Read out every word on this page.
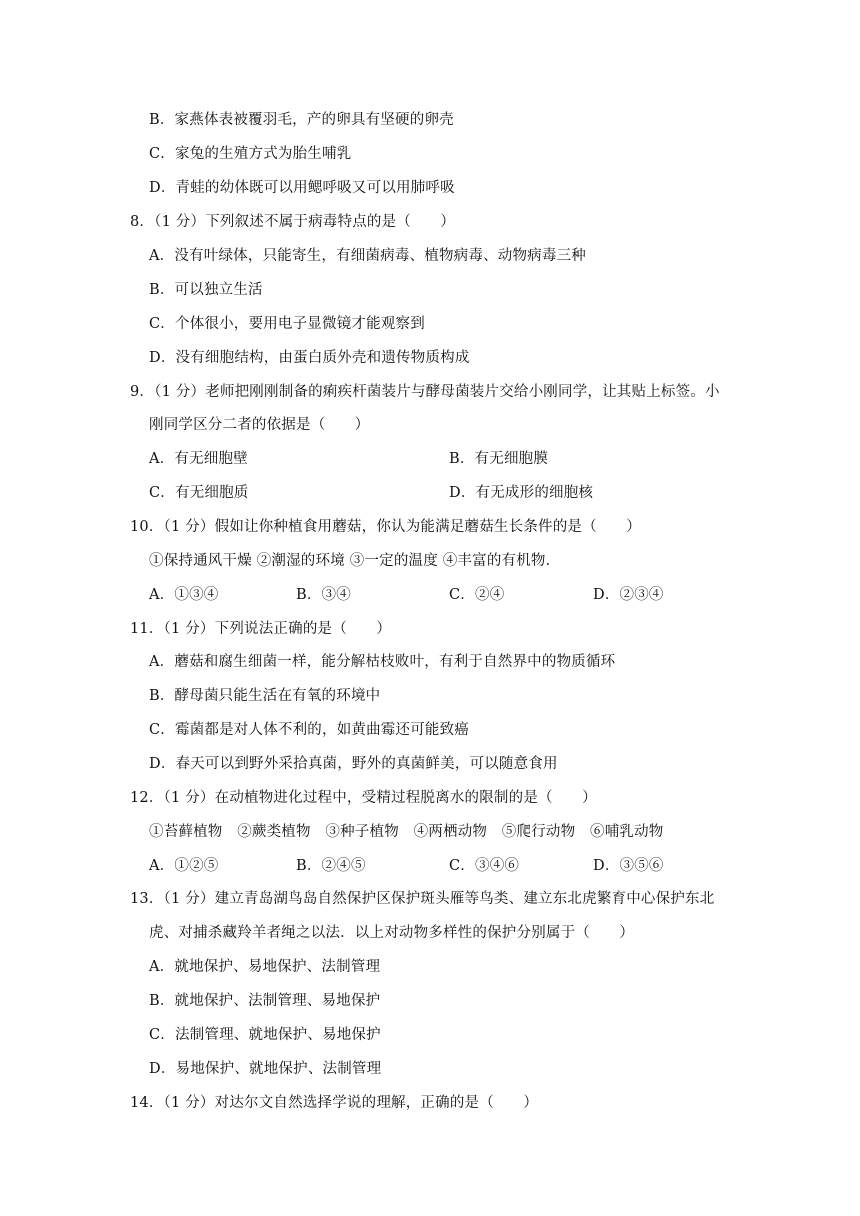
B．家燕体表被覆羽毛，产的卵具有坚硬的卵壳
C．家兔的生殖方式为胎生哺乳
D．青蛙的幼体既可以用鳃呼吸又可以用肺呼吸
8．（1 分）下列叙述不属于病毒特点的是（　　）
A．没有叶绿体，只能寄生，有细菌病毒、植物病毒、动物病毒三种
B．可以独立生活
C．个体很小，要用电子显微镜才能观察到
D．没有细胞结构，由蛋白质外壳和遗传物质构成
9．（1 分）老师把刚刚制备的痢疾杆菌装片与酵母菌装片交给小刚同学，让其贴上标签。小
刚同学区分二者的依据是（　　）
A．有无细胞壁	B．有无细胞膜
C．有无细胞质	D．有无成形的细胞核
10．（1 分）假如让你种植食用蘑菇，你认为能满足蘑菇生长条件的是（　　）
①保持通风干燥 ②潮湿的环境 ③一定的温度 ④丰富的有机物．
A．①③④	B．③④	C．②④	D．②③④
11．（1 分）下列说法正确的是（　　）
A．蘑菇和腐生细菌一样，能分解枯枝败叶，有利于自然界中的物质循环
B．酵母菌只能生活在有氧的环境中
C．霉菌都是对人体不利的，如黄曲霉还可能致癌
D．春天可以到野外采拾真菌，野外的真菌鲜美，可以随意食用
12．（1 分）在动植物进化过程中，受精过程脱离水的限制的是（　　）
①苔藓植物　②蕨类植物　③种子植物　④两栖动物　⑤爬行动物　⑥哺乳动物
A．①②⑤	B．②④⑤	C．③④⑥	D．③⑤⑥
13．（1 分）建立青岛湖鸟岛自然保护区保护斑头雁等鸟类、建立东北虎繁育中心保护东北
虎、对捕杀藏羚羊者绳之以法．以上对动物多样性的保护分别属于（　　）
A．就地保护、易地保护、法制管理
B．就地保护、法制管理、易地保护
C．法制管理、就地保护、易地保护
D．易地保护、就地保护、法制管理
14．（1 分）对达尔文自然选择学说的理解，正确的是（　　）
